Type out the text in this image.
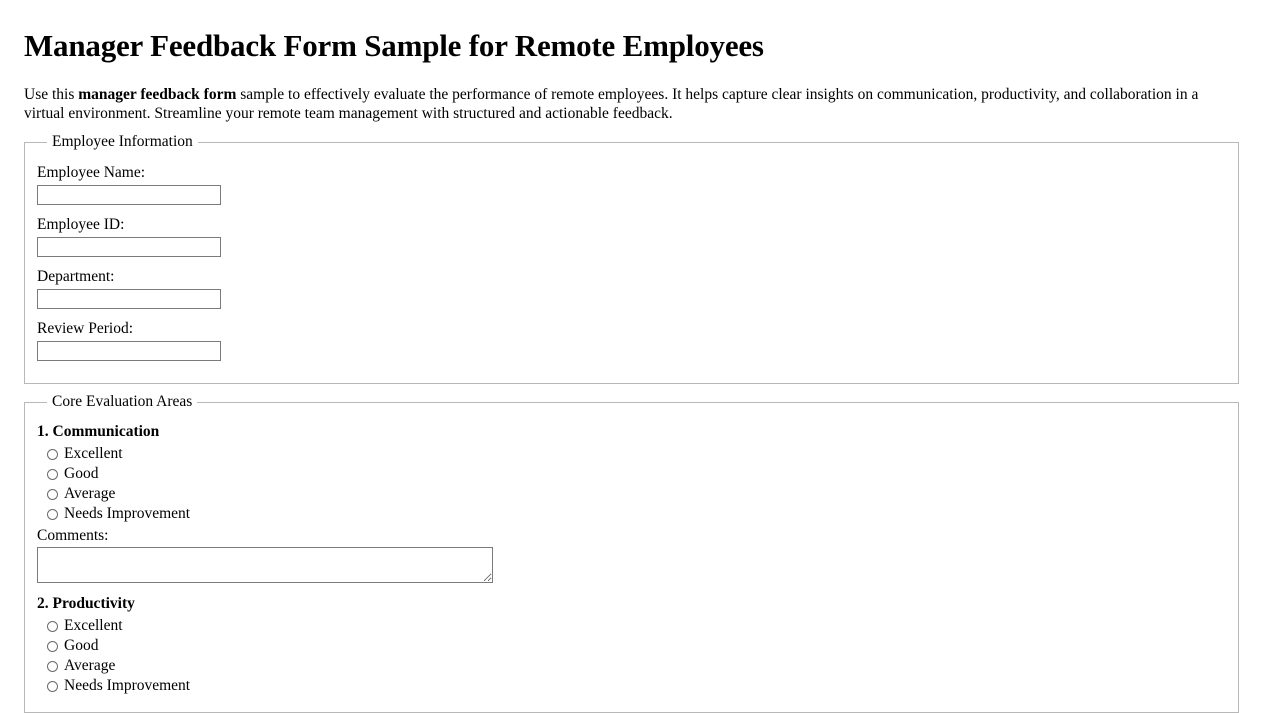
Manager Feedback Form Sample for Remote Employees

Use this manager feedback form sample to effectively evaluate the performance of remote employees. It helps capture clear insights on communication, productivity, and collaboration in a virtual environment. Streamline your remote team management with structured and actionable feedback.

Employee Information
Employee Name:
Employee ID:
Department:
Review Period:
Core Evaluation Areas
1. Communication
Excellent
Good
Average
Needs Improvement
Comments:
2. Productivity
Excellent
Good
Average
Needs Improvement
